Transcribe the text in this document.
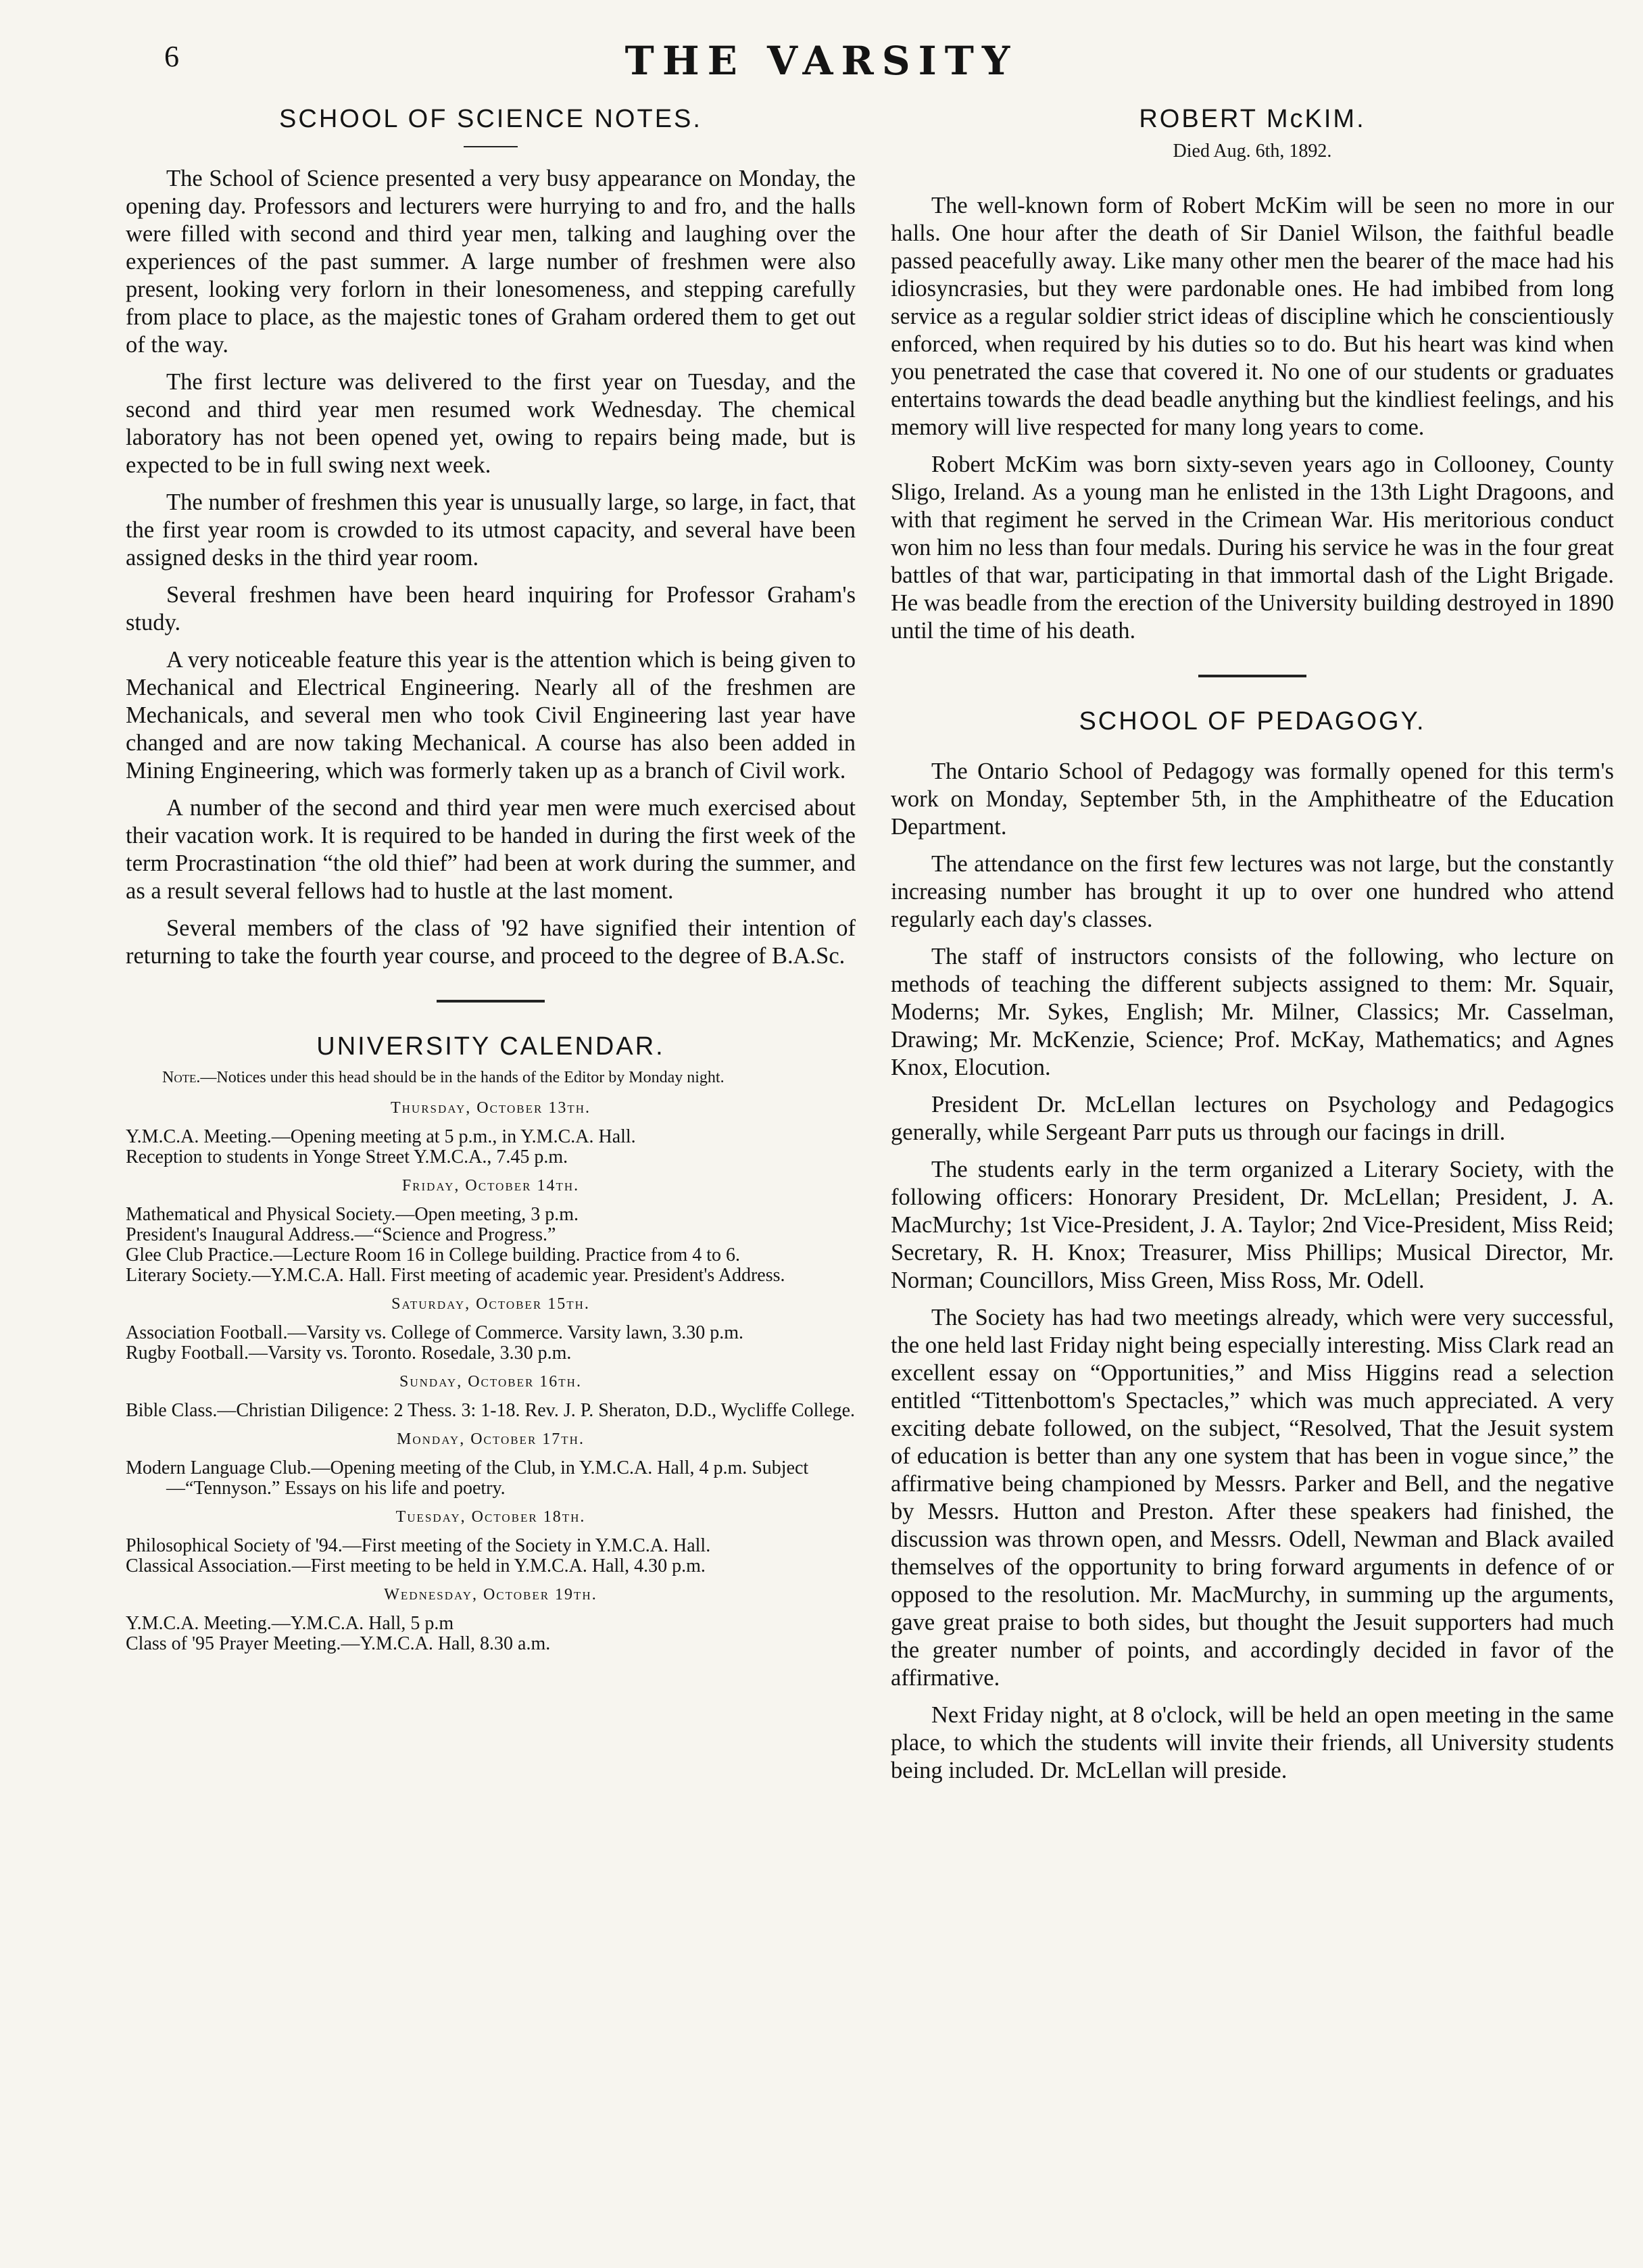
6	THE VARSITY
SCHOOL OF SCIENCE NOTES.

The School of Science presented a very busy appearance on Monday, the opening day. Professors and lecturers were hurrying to and fro, and the halls were filled with second and third year men, talking and laughing over the experiences of the past summer. A large number of freshmen were also present, looking very forlorn in their lonesomeness, and stepping carefully from place to place, as the majestic tones of Graham ordered them to get out of the way.

The first lecture was delivered to the first year on Tuesday, and the second and third year men resumed work Wednesday. The chemical laboratory has not been opened yet, owing to repairs being made, but is expected to be in full swing next week.

The number of freshmen this year is unusually large, so large, in fact, that the first year room is crowded to its utmost capacity, and several have been assigned desks in the third year room.

Several freshmen have been heard inquiring for Professor Graham's study.

A very noticeable feature this year is the attention which is being given to Mechanical and Electrical Engineering. Nearly all of the freshmen are Mechanicals, and several men who took Civil Engineering last year have changed and are now taking Mechanical. A course has also been added in Mining Engineering, which was formerly taken up as a branch of Civil work.

A number of the second and third year men were much exercised about their vacation work. It is required to be handed in during the first week of the term Procrastination “the old thief” had been at work during the summer, and as a result several fellows had to hustle at the last moment.

Several members of the class of '92 have signified their intention of returning to take the fourth year course, and proceed to the degree of B.A.Sc.

UNIVERSITY CALENDAR.

Note.—Notices under this head should be in the hands of the Editor by Monday night.

Thursday, October 13th.

Y.M.C.A. Meeting.—Opening meeting at 5 p.m., in Y.M.C.A. Hall.

Reception to students in Yonge Street Y.M.C.A., 7.45 p.m.

Friday, October 14th.

Mathematical and Physical Society.—Open meeting, 3 p.m.

President's Inaugural Address.—“Science and Progress.”

Glee Club Practice.—Lecture Room 16 in College building. Practice from 4 to 6.

Literary Society.—Y.M.C.A. Hall. First meeting of academic year. President's Address.

Saturday, October 15th.

Association Football.—Varsity vs. College of Commerce. Varsity lawn, 3.30 p.m.

Rugby Football.—Varsity vs. Toronto. Rosedale, 3.30 p.m.

Sunday, October 16th.

Bible Class.—Christian Diligence: 2 Thess. 3: 1-18. Rev. J. P. Sheraton, D.D., Wycliffe College.

Monday, October 17th.

Modern Language Club.—Opening meeting of the Club, in Y.M.C.A. Hall, 4 p.m. Subject—“Tennyson.” Essays on his life and poetry.

Tuesday, October 18th.

Philosophical Society of '94.—First meeting of the Society in Y.M.C.A. Hall.

Classical Association.—First meeting to be held in Y.M.C.A. Hall, 4.30 p.m.

Wednesday, October 19th.

Y.M.C.A. Meeting.—Y.M.C.A. Hall, 5 p.m

Class of '95 Prayer Meeting.—Y.M.C.A. Hall, 8.30 a.m.

ROBERT McKIM.
Died Aug. 6th, 1892.

The well-known form of Robert McKim will be seen no more in our halls. One hour after the death of Sir Daniel Wilson, the faithful beadle passed peacefully away. Like many other men the bearer of the mace had his idiosyncrasies, but they were pardonable ones. He had imbibed from long service as a regular soldier strict ideas of discipline which he conscientiously enforced, when required by his duties so to do. But his heart was kind when you penetrated the case that covered it. No one of our students or graduates entertains towards the dead beadle anything but the kindliest feelings, and his memory will live respected for many long years to come.

Robert McKim was born sixty-seven years ago in Collooney, County Sligo, Ireland. As a young man he enlisted in the 13th Light Dragoons, and with that regiment he served in the Crimean War. His meritorious conduct won him no less than four medals. During his service he was in the four great battles of that war, participating in that immortal dash of the Light Brigade. He was beadle from the erection of the University building destroyed in 1890 until the time of his death.

SCHOOL OF PEDAGOGY.

The Ontario School of Pedagogy was formally opened for this term's work on Monday, September 5th, in the Amphitheatre of the Education Department.

The attendance on the first few lectures was not large, but the constantly increasing number has brought it up to over one hundred who attend regularly each day's classes.

The staff of instructors consists of the following, who lecture on methods of teaching the different subjects assigned to them: Mr. Squair, Moderns; Mr. Sykes, English; Mr. Milner, Classics; Mr. Casselman, Drawing; Mr. McKenzie, Science; Prof. McKay, Mathematics; and Agnes Knox, Elocution.

President Dr. McLellan lectures on Psychology and Pedagogics generally, while Sergeant Parr puts us through our facings in drill.

The students early in the term organized a Literary Society, with the following officers: Honorary President, Dr. McLellan; President, J. A. MacMurchy; 1st Vice-President, J. A. Taylor; 2nd Vice-President, Miss Reid; Secretary, R. H. Knox; Treasurer, Miss Phillips; Musical Director, Mr. Norman; Councillors, Miss Green, Miss Ross, Mr. Odell.

The Society has had two meetings already, which were very successful, the one held last Friday night being especially interesting. Miss Clark read an excellent essay on “Opportunities,” and Miss Higgins read a selection entitled “Tittenbottom's Spectacles,” which was much appreciated. A very exciting debate followed, on the subject, “Resolved, That the Jesuit system of education is better than any one system that has been in vogue since,” the affirmative being championed by Messrs. Parker and Bell, and the negative by Messrs. Hutton and Preston. After these speakers had finished, the discussion was thrown open, and Messrs. Odell, Newman and Black availed themselves of the opportunity to bring forward arguments in defence of or opposed to the resolution. Mr. MacMurchy, in summing up the arguments, gave great praise to both sides, but thought the Jesuit supporters had much the greater number of points, and accordingly decided in favor of the affirmative.

Next Friday night, at 8 o'clock, will be held an open meeting in the same place, to which the students will invite their friends, all University students being included. Dr. McLellan will preside.
